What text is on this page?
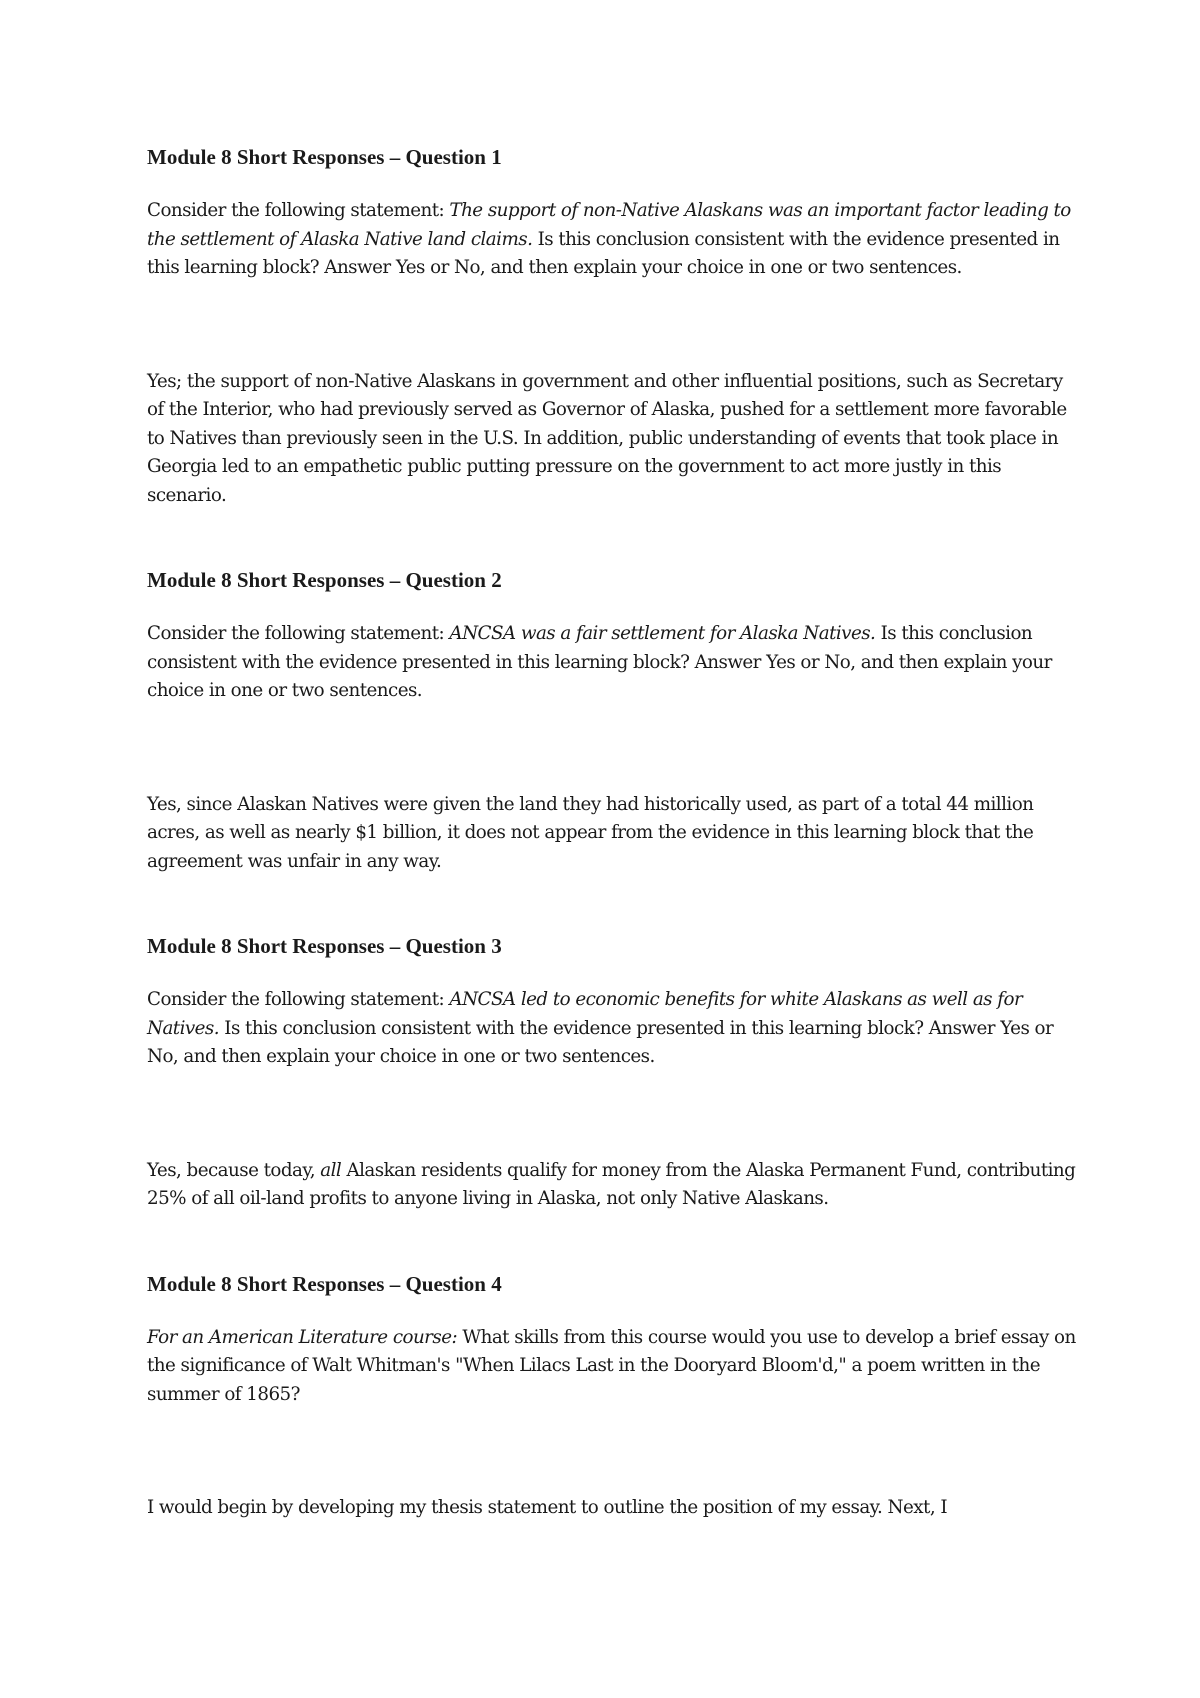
Module 8 Short Responses – Question 1

Consider the following statement: The support of non-Native Alaskans was an important factor leading to the settlement of Alaska Native land claims. Is this conclusion consistent with the evidence presented in this learning block? Answer Yes or No, and then explain your choice in one or two sentences.

Yes; the support of non-Native Alaskans in government and other influential positions, such as Secretary of the Interior, who had previously served as Governor of Alaska, pushed for a settlement more favorable to Natives than previously seen in the U.S. In addition, public understanding of events that took place in Georgia led to an empathetic public putting pressure on the government to act more justly in this scenario.

Module 8 Short Responses – Question 2

Consider the following statement: ANCSA was a fair settlement for Alaska Natives. Is this conclusion consistent with the evidence presented in this learning block? Answer Yes or No, and then explain your choice in one or two sentences.

Yes, since Alaskan Natives were given the land they had historically used, as part of a total 44 million acres, as well as nearly $1 billion, it does not appear from the evidence in this learning block that the agreement was unfair in any way.

Module 8 Short Responses – Question 3

Consider the following statement: ANCSA led to economic benefits for white Alaskans as well as for Natives. Is this conclusion consistent with the evidence presented in this learning block? Answer Yes or No, and then explain your choice in one or two sentences.

Yes, because today, all Alaskan residents qualify for money from the Alaska Permanent Fund, contributing 25% of all oil-land profits to anyone living in Alaska, not only Native Alaskans.

Module 8 Short Responses – Question 4

For an American Literature course: What skills from this course would you use to develop a brief essay on the significance of Walt Whitman's "When Lilacs Last in the Dooryard Bloom'd," a poem written in the summer of 1865?

I would begin by developing my thesis statement to outline the position of my essay. Next, I
